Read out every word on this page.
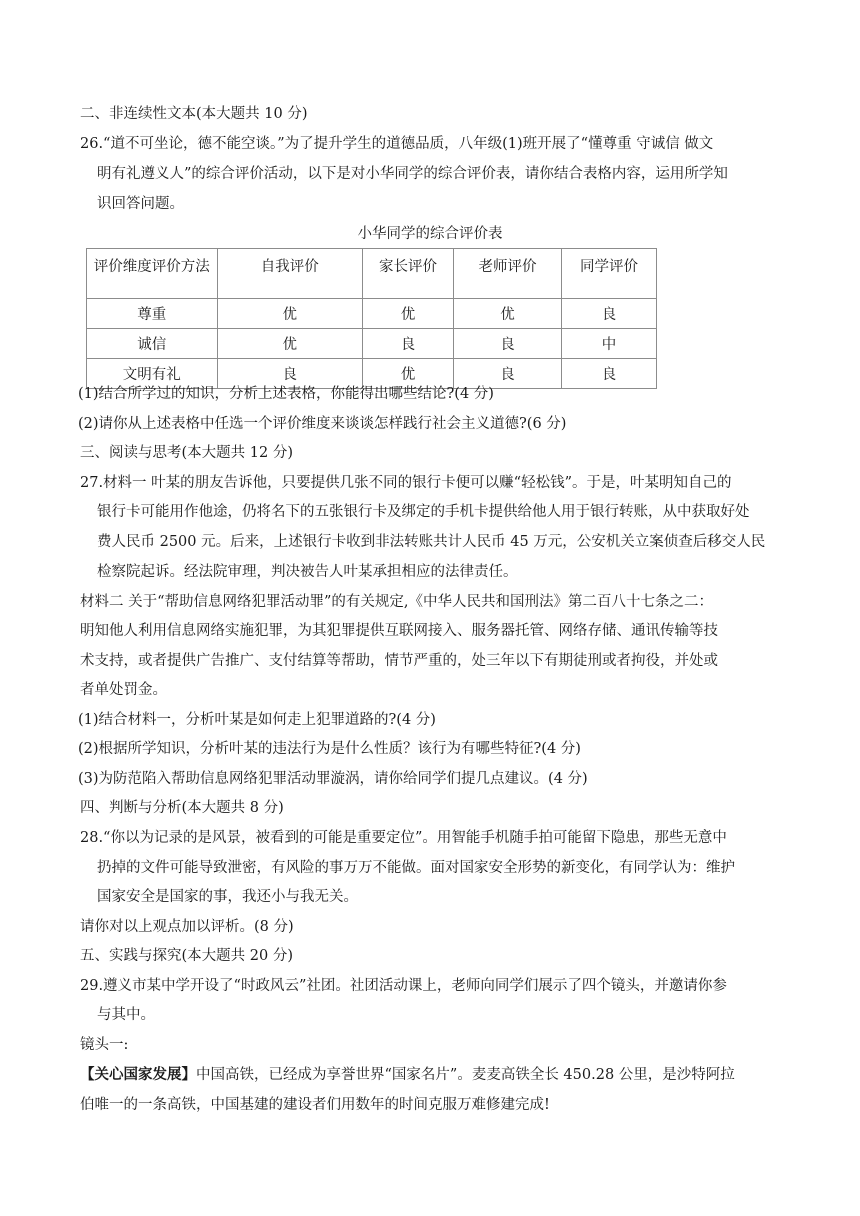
二、非连续性文本(本大题共 10 分)
26.“道不可坐论，德不能空谈。”为了提升学生的道德品质，八年级(1)班开展了“懂尊重 守诚信 做文
明有礼遵义人”的综合评价活动，以下是对小华同学的综合评价表，请你结合表格内容，运用所学知
识回答问题。
小华同学的综合评价表
评价维度评价方法	自我评价	家长评价	老师评价	同学评价
尊重	优	优	优	良
诚信	优	良	良	中
文明有礼	良	优	良	良
(1)结合所学过的知识，分析上述表格，你能得出哪些结论?(4 分)
(2)请你从上述表格中任选一个评价维度来谈谈怎样践行社会主义道德?(6 分)
三、阅读与思考(本大题共 12 分)
27.材料一 叶某的朋友告诉他，只要提供几张不同的银行卡便可以赚“轻松钱”。于是，叶某明知自己的
银行卡可能用作他途，仍将名下的五张银行卡及绑定的手机卡提供给他人用于银行转账，从中获取好处
费人民币 2500 元。后来，上述银行卡收到非法转账共计人民币 45 万元，公安机关立案侦查后移交人民
检察院起诉。经法院审理，判决被告人叶某承担相应的法律责任。
材料二 关于“帮助信息网络犯罪活动罪”的有关规定,《中华人民共和国刑法》第二百八十七条之二：
明知他人利用信息网络实施犯罪，为其犯罪提供互联网接入、服务器托管、网络存储、通讯传输等技
术支持，或者提供广告推广、支付结算等帮助，情节严重的，处三年以下有期徒刑或者拘役，并处或
者单处罚金。
(1)结合材料一，分析叶某是如何走上犯罪道路的?(4 分)
(2)根据所学知识，分析叶某的违法行为是什么性质？该行为有哪些特征?(4 分)
(3)为防范陷入帮助信息网络犯罪活动罪漩涡，请你给同学们提几点建议。(4 分)
四、判断与分析(本大题共 8 分)
28.“你以为记录的是风景，被看到的可能是重要定位”。用智能手机随手拍可能留下隐患，那些无意中
扔掉的文件可能导致泄密，有风险的事万万不能做。面对国家安全形势的新变化，有同学认为：维护
国家安全是国家的事，我还小与我无关。
请你对以上观点加以评析。(8 分)
五、实践与探究(本大题共 20 分)
29.遵义市某中学开设了“时政风云”社团。社团活动课上，老师向同学们展示了四个镜头，并邀请你参
与其中。
镜头一:
【关心国家发展】中国高铁，已经成为享誉世界“国家名片”。麦麦高铁全长 450.28 公里，是沙特阿拉
伯唯一的一条高铁，中国基建的建设者们用数年的时间克服万难修建完成!
